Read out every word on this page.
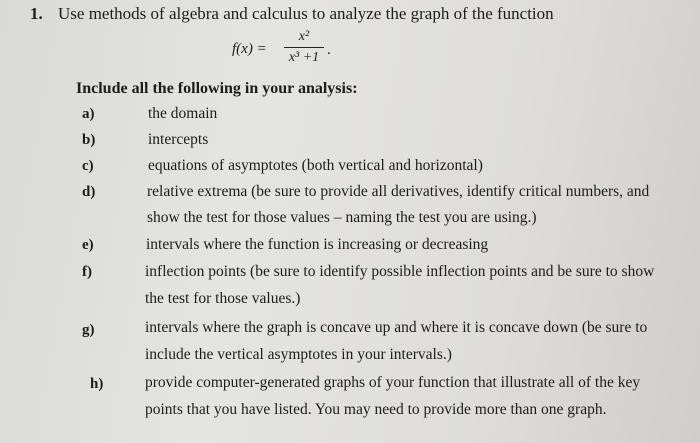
1. Use methods of algebra and calculus to analyze the graph of the function
f(x) =
x²
x³ +1 .
Include all the following in your analysis:
a)	the domain
b)	intercepts
c)	equations of asymptotes (both vertical and horizontal)
d)	relative extrema (be sure to provide all derivatives, identify critical numbers, and
show the test for those values – naming the test you are using.)
e)	intervals where the function is increasing or decreasing
f)	inflection points (be sure to identify possible inflection points and be sure to show
the test for those values.)
g)	intervals where the graph is concave up and where it is concave down (be sure to
include the vertical asymptotes in your intervals.)
h)	provide computer-generated graphs of your function that illustrate all of the key
points that you have listed. You may need to provide more than one graph.
